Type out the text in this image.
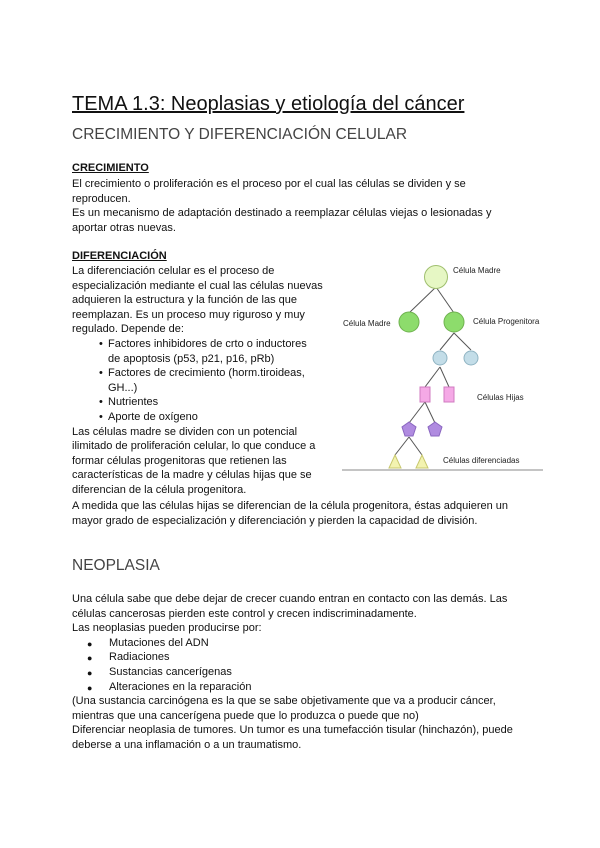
TEMA 1.3: Neoplasias y etiología del cáncer
CRECIMIENTO Y DIFERENCIACIÓN CELULAR
CRECIMIENTO
El crecimiento o proliferación es el proceso por el cual las células se dividen y se
reproducen.
Es un mecanismo de adaptación destinado a reemplazar células viejas o lesionadas y
aportar otras nuevas.
DIFERENCIACIÓN
La diferenciación celular es el proceso de
especialización mediante el cual las células nuevas
adquieren la estructura y la función de las que
reemplazan. Es un proceso muy riguroso y muy
regulado. Depende de:
• Factores inhibidores de crto o inductores
de apoptosis (p53, p21, p16, pRb)
• Factores de crecimiento (horm.tiroideas,
GH...)
• Nutrientes
• Aporte de oxígeno
Las células madre se dividen con un potencial
ilimitado de proliferación celular, lo que conduce a
formar células progenitoras que retienen las
características de la madre y células hijas que se
diferencian de la célula progenitora.
A medida que las células hijas se diferencian de la célula progenitora, éstas adquieren un
mayor grado de especialización y diferenciación y pierden la capacidad de división.
Célula Madre
Célula Madre	Célula Progenitora
Células Hijas
Células diferenciadas
NEOPLASIA
Una célula sabe que debe dejar de crecer cuando entran en contacto con las demás. Las
células cancerosas pierden este control y crecen indiscriminadamente.
Las neoplasias pueden producirse por:
● Mutaciones del ADN
● Radiaciones
● Sustancias cancerígenas
● Alteraciones en la reparación
(Una sustancia carcinógena es la que se sabe objetivamente que va a producir cáncer,
mientras que una cancerígena puede que lo produzca o puede que no)
Diferenciar neoplasia de tumores. Un tumor es una tumefacción tisular (hinchazón), puede
deberse a una inflamación o a un traumatismo.
